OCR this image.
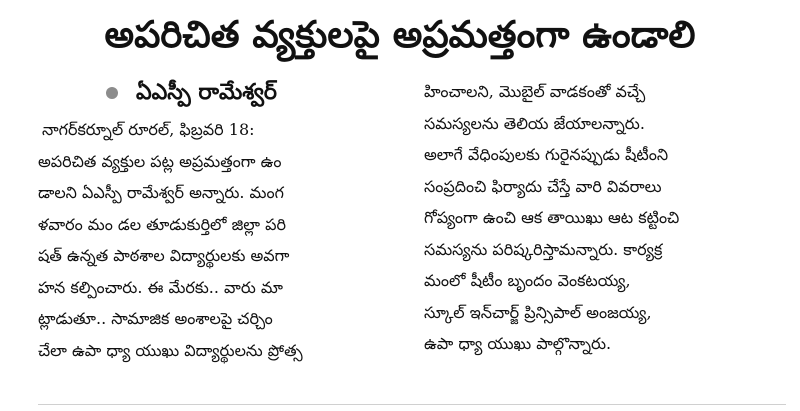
అపరిచిత వ్యక్తులపై అప్రమత్తంగా ఉండాలి
ఏఎస్పీ రామేశ్వర్
నాగర్‌కర్నూల్ రూరల్, ఫిబ్రవరి 18:
అపరిచిత వ్యక్తుల పట్ల అప్రమత్తంగా ఉం
డాలని ఏఎస్పీ రామేశ్వర్ అన్నారు. మంగ
ళవారం మం డల తూడుకుర్తిలో జిల్లా పరి
షత్ ఉన్నత పాఠశాల విద్యార్థులకు అవగా
హన కల్పించారు. ఈ మేరకు.. వారు మా
ట్లాడుతూ.. సామాజిక అంశాలపై చర్చిం
చేలా ఉపా ధ్యా యుఖు విద్యార్థులను ప్రోత్స
హించాలని, మొబైల్ వాడకంతో వచ్చే
సమస్యలను తెలియ జేయాలన్నారు.
అలాగే వేధింపులకు గురైనప్పుడు షీటీంని
సంప్రదించి ఫిర్యాదు చేస్తే వారి వివరాలు
గోప్యంగా ఉంచి ఆక తాయిఖు ఆట కట్టించి
సమస్యను పరిష్కరిస్తామన్నారు. కార్యక్ర
మంలో షీటీం బృందం వెంకటయ్య,
స్కూల్ ఇన్‌చార్జ్ ప్రిన్సిపాల్ అంజయ్య,
ఉపా ధ్యా యుఖు పాల్గొన్నారు.
